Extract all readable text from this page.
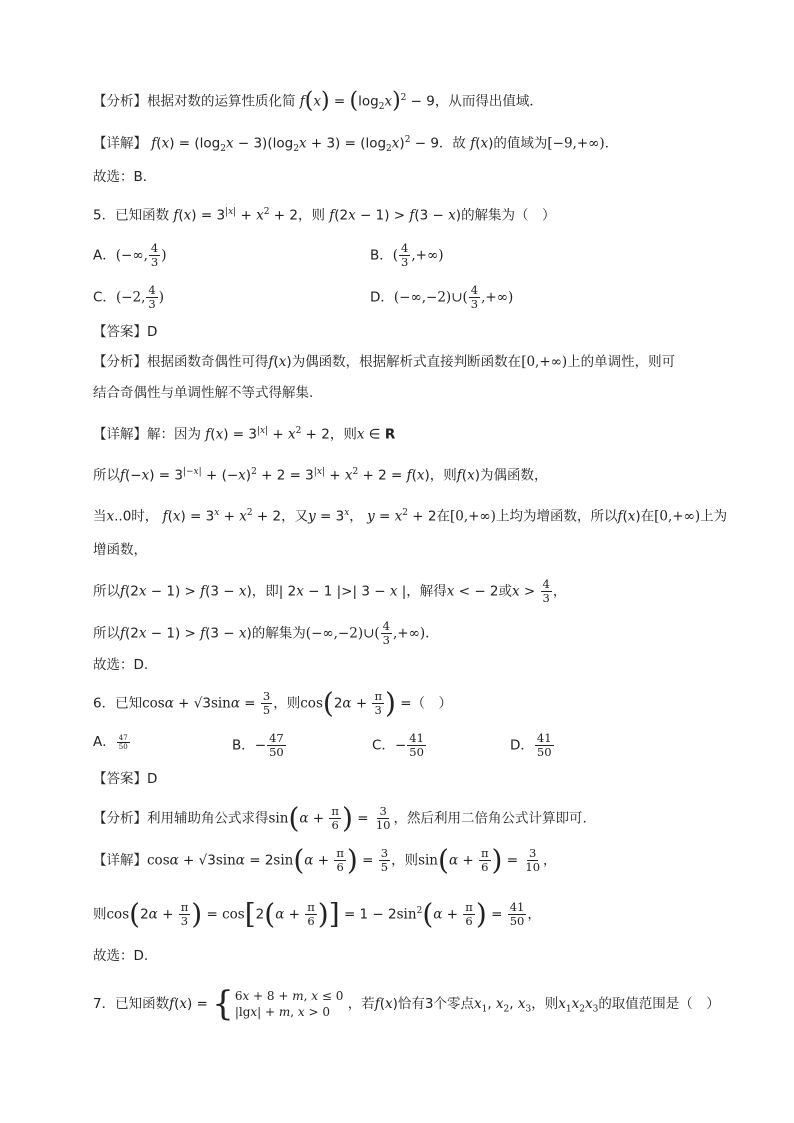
【分析】根据对数的运算性质化简 $f(x) = (\log_2x)^2 - 9$，从而得出值域．
【详解】 $f(x) = (\log_2x - 3)(\log_2x + 3) = (\log_2x)^2 - 9$．故 f(x)的值域为[−9,+∞)．
故选：B．
5．已知函数 $f(x) = 3^{|x|} + x^2 + 2$，则 f(2x − 1) > f(3 − x)的解集为（　）
A．(−∞, $\frac{4}{3}$ )	B．( $\frac{4}{3}$ ,+∞)
C．(−2, $\frac{4}{3}$ )	D．(−∞,−2)∪( $\frac{4}{3}$ ,+∞)
【答案】D
【分析】根据函数奇偶性可得f(x)为偶函数，根据解析式直接判断函数在[0,+∞)上的单调性，则可
结合奇偶性与单调性解不等式得解集.
【详解】解：因为 $f(x) = 3^{|x|} + x^2 + 2$，则x ∈ R
所以$f(-x) = 3^{|-x|} + (-x)^2 + 2 = 3^{|x|} + x^2 + 2 = f(x)$，则f(x)为偶函数，
当x..0时， $f(x) = 3^x + x^2 + 2$，又$y = 3^x$， $y = x^2 + 2$在[0,+∞)上均为增函数，所以f(x)在[0,+∞)上为
增函数，
所以f(2x − 1) > f(3 − x)，即| 2x − 1 |>| 3 − x |，解得x < − 2或$x > \frac{4}{3}$ ，
所以f(2x − 1) > f(3 − x)的解集为(−∞,−2)∪( $\frac{4}{3}$ ,+∞).
故选：D.
6．已知$\cos\alpha + √3\sin\alpha = \frac{3}{5}$ ，则$\cos(2\alpha + \frac{\pi}{3}$ ) =（　）
A． $\frac{47}{50}$	B．− $\frac{47}{50}$	C．− $\frac{41}{50}$	D． $\frac{41}{50}$
【答案】D
【分析】利用辅助角公式求得$\sin(\alpha + \frac{\pi}{6}$ ) = $\frac{3}{10}$ ，然后利用二倍角公式计算即可.
【详解】$\cos\alpha + √3\sin\alpha = 2\sin(\alpha + \frac{\pi}{6}$ ) = $\frac{3}{5}$ ，则$\sin(\alpha + \frac{\pi}{6}$ ) = $\frac{3}{10}$ ，
则$\cos(2\alpha + \frac{\pi}{3}$ ) = $\cos[2(\alpha + \frac{\pi}{6}$ )] = $1 - 2\sin^2(\alpha + \frac{\pi}{6}$ ) = $\frac{41}{50}$ ，
故选：D.
7．已知函数f(x) = { 6x + 8 + m, x ≤ 0
|lgx| + m, x > 0	，若f(x)恰有3个零点$x_1$, $x_2$, $x_3$，则$x_1x_2x_3$的取值范围是（　）
